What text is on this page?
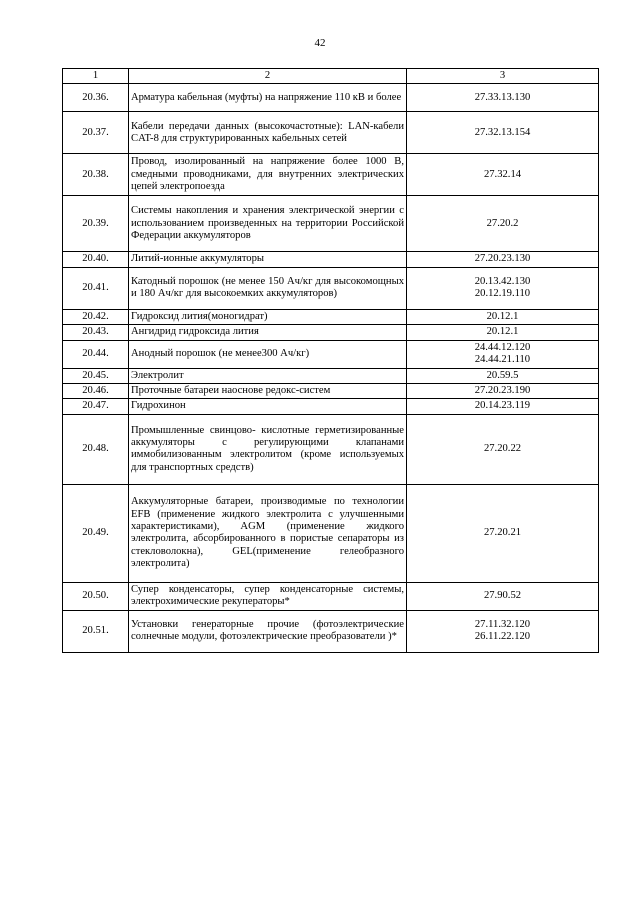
42
1	2	3
20.36.	Арматура кабельная (муфты) на напряжение 110 кВ и более	27.33.13.130

20.37.	Кабели передачи данных (высокочастотные): LAN-кабели CAT-8 для структурированных кабельных сетей	27.32.13.154

20.38.	Провод, изолированный на напряжение более 1000 В, смедными проводниками, для внутренних электрических цепей электропоезда	27.32.14

20.39.	Системы накопления и хранения электрической энергии с использованием произведенных на территории Российской Федерации аккумуляторов	27.20.2

20.40.	Литий-ионные аккумуляторы	27.20.23.130

20.41.	Катодный порошок (не менее 150 Ач/кг для высокомощных и 180 Ач/кг для высокоемких аккумуляторов)	20.13.42.130
20.12.19.110

20.42.	Гидроксид лития(моногидрат)	20.12.1

20.43.	Ангидрид гидроксида лития	20.12.1

20.44.	Анодный порошок (не менее300 Ач/кг)	24.44.12.120
24.44.21.110

20.45.	Электролит	20.59.5

20.46.	Проточные батареи наоснове редокс-систем	27.20.23.190

20.47.	Гидрохинон	20.14.23.119

20.48.	Промышленные свинцово- кислотные герметизированные аккумуляторы с регулирующими клапанами иммобилизованным электролитом (кроме используемых для транспортных средств)	27.20.22

20.49.	Аккумуляторные батареи, производимые по технологии EFB (применение жидкого электролита с улучшенными характеристиками), AGM (применение жидкого электролита, абсорбированного в пористые сепараторы из стекловолокна), GEL(применение гелеобразного электролита)	27.20.21

20.50.	Супер конденсаторы, супер конденсаторные системы, электрохимические рекуператоры*	27.90.52

20.51.	Установки генераторные прочие (фотоэлектрические солнечные модули, фотоэлектрические преобразователи )*	27.11.32.120
26.11.22.120
